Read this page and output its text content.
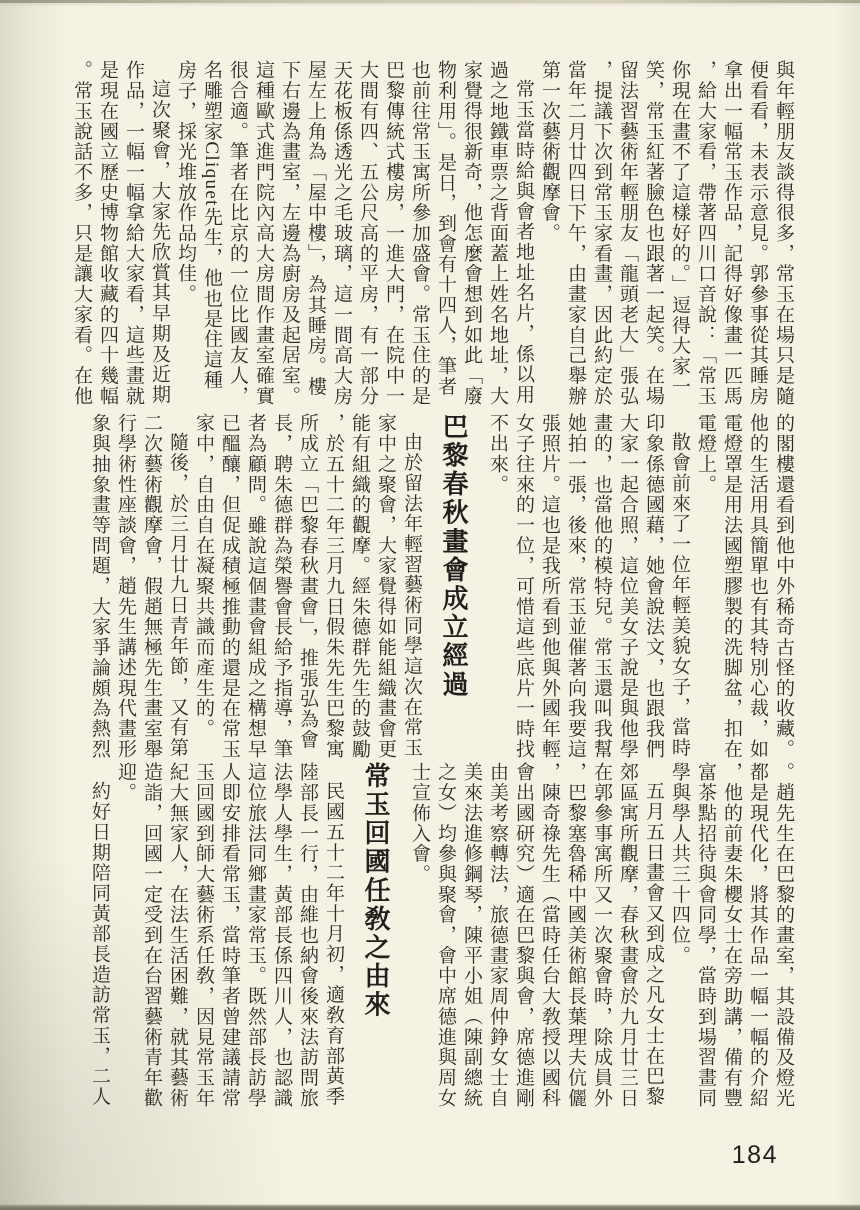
與年輕朋友談得很多，常玉在場只是隨便看看，未表示意見。郭參事從其睡房拿出一幅常玉作品，記得好像畫一匹馬，給大家看，帶著四川口音說：「常玉你現在畫不了這樣好的。」逗得大家一笑，常玉紅著臉色也跟著一起笑。在場留法習藝術年輕朋友「龍頭老大」張弘，提議下次到常玉家看畫，因此約定於當年二月廿四日下午，由畫家自己舉辦第一次藝術觀摩會。

常玉當時給與會者地址名片，係以用過之地鐵車票之背面蓋上姓名地址，大家覺得很新奇，他怎麼會想到如此「廢物利用」。是日，到會有十四人，筆者也前往常玉寓所參加盛會。常玉住的是巴黎傳統式樓房，一進大門，在院中一大間有四、五公尺高的平房，有一部分天花板係透光之毛玻璃，這一間高大房屋左上角為「屋中樓」，為其睡房。樓下右邊為畫室，左邊為廚房及起居室。這種歐式進門院內高大房間作畫室確實很合適。筆者在比京的一位比國友人，名雕塑家Cliquet先生，他也是住這種房子，採光堆放作品均佳。

這次聚會，大家先欣賞其早期及近期作品，一幅一幅拿給大家看，這些畫就是現在國立歷史博物館收藏的四十幾幅。常玉說話不多，只是讓大家看。在他

的閣樓還看到他中外稀奇古怪的收藏。他的生活用具簡單也有其特別心裁，如電燈罩是用法國塑膠製的洗脚盆，扣在電燈上。

散會前來了一位年輕美貌女子，當時印象係德國藉，她會說法文，也跟我們大家一起合照，這位美女子說是與他學畫的，也當他的模特兒。常玉還叫我幫她拍一張，後來，常玉並催著向我要這張照片。這也是我所看到他與外國年輕女子往來的一位，可惜這些底片一時找不出來。

巴黎春秋畫會成立經過

由於留法年輕習藝術同學這次在常玉家中之聚會，大家覺得如能組織畫會更能有組織的觀摩。經朱德群先生的鼓勵，於五十二年三月九日假朱先生巴黎寓所成立「巴黎春秋畫會」，推張弘為會長，聘朱德群為榮譽會長給予指導，筆者為顧問。雖說這個畫會組成之構想早已醞釀，但促成積極推動的還是在常玉家中，自由自在凝聚共識而產生的。

隨後，於三月廿九日青年節，又有第二次藝術觀摩會，假趙無極先生畫室舉行學術性座談會，趙先生講述現代畫形象與抽象畫等問題，大家爭論頗為熱烈

。趙先生在巴黎的畫室，其設備及燈光都是現代化，將其作品一幅一幅的介紹，他的前妻朱櫻女士在旁助講，備有豐富茶點招待與會同學，當時到場習畫同學與學人共三十四位。

五月五日畫會又到成之凡女士在巴黎郊區寓所觀摩，春秋畫會於九月廿三日在郭參事寓所又一次聚會時，除成員外，巴黎塞魯稀中國美術館長葉理夫伉儷，陳奇祿先生（當時任台大敎授以國科會出國研究）適在巴黎與會，席德進剛由美考察轉法，旅德畫家周仲錚女士自美來法進修鋼琴，陳平小姐（陳副總統之女）均參與聚會，會中席德進與周女士宣佈入會。

常玉回國任敎之由來

民國五十二年十月初，適敎育部黃季陸部長一行，由維也納會後來法訪問旅法學人學生，黃部長係四川人，也認識這位旅法同鄉畫家常玉。既然部長訪學人即安排看常玉，當時筆者曾建議請常玉回國到師大藝術系任敎，因見常玉年紀大無家人，在法生活困難，就其藝術造詣，回國一定受到在台習藝術青年歡迎。

約好日期陪同黃部長造訪常玉，二人

184
